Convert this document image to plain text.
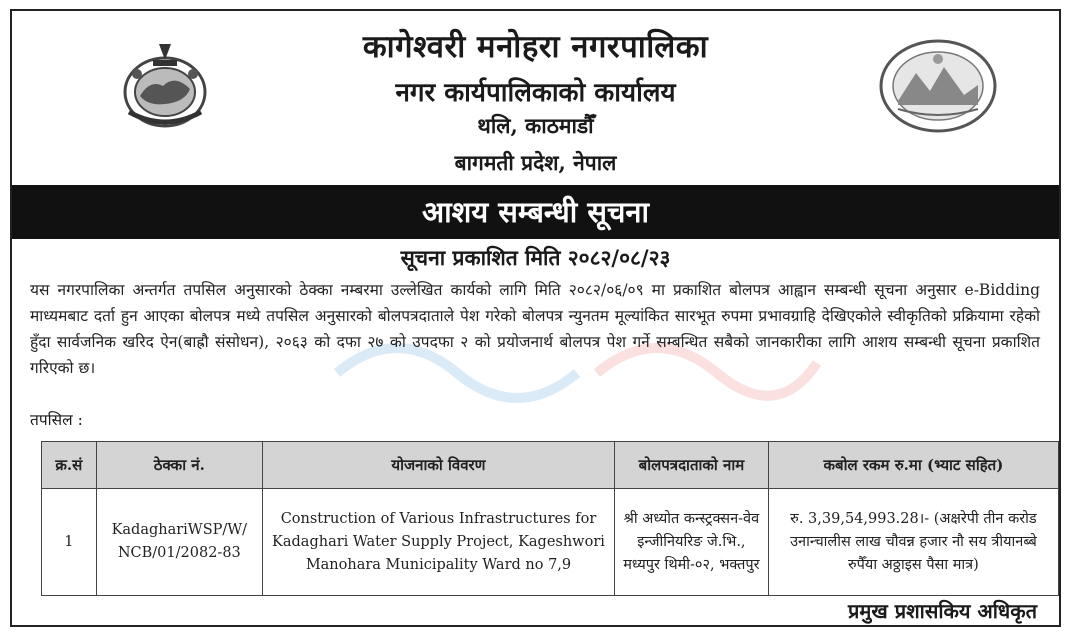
कागेश्वरी मनोहरा नगरपालिका
नगर कार्यपालिकाको कार्यालय
थलि, काठमाडौँ
बागमती प्रदेश, नेपाल
आशय सम्बन्धी सूचना
सूचना प्रकाशित मिति २०८२/०८/२३
यस नगरपालिका अन्तर्गत तपसिल अनुसारको ठेक्का नम्बरमा उल्लेखित कार्यको लागि मिति २०८२/०६/०९ मा प्रकाशित बोलपत्र आह्वान सम्बन्धी सूचना अनुसार e-Bidding माध्यमबाट दर्ता हुन आएका बोलपत्र मध्ये तपसिल अनुसारको बोलपत्रदाताले पेश गरेको बोलपत्र न्युनतम मूल्यांकित सारभूत रुपमा प्रभावग्राहि देखिएकोले स्वीकृतिको प्रक्रियामा रहेको हुँदा सार्वजनिक खरिद ऐन(बाह्रौ संसोधन), २०६३ को दफा २७ को उपदफा २ को प्रयोजनार्थ बोलपत्र पेश गर्ने सम्बन्धित सबैको जानकारीका लागि आशय सम्बन्धी सूचना प्रकाशित गरिएको छ।
तपसिल :
क्र.सं	ठेक्का नं.	योजनाको विवरण	बोलपत्रदाताको नाम	कबोल रकम रु.मा (भ्याट सहित)
1	KadaghariWSP/W/ NCB/01/2082-83	Construction of Various Infrastructures for Kadaghari Water Supply Project, Kageshwori Manohara Municipality Ward no 7,9	श्री अध्योत कन्स्ट्रक्सन-वेव इन्जीनियरिङ जे.भि., मध्यपुर थिमी-०२, भक्तपुर	रु. 3,39,54,993.28।- (अक्षरेपी तीन करोड उनान्चालीस लाख चौवन्न हजार नौ सय त्रीयानब्बे रुपैँया अठ्ठाइस पैसा मात्र)
प्रमुख प्रशासकिय अधिकृत
